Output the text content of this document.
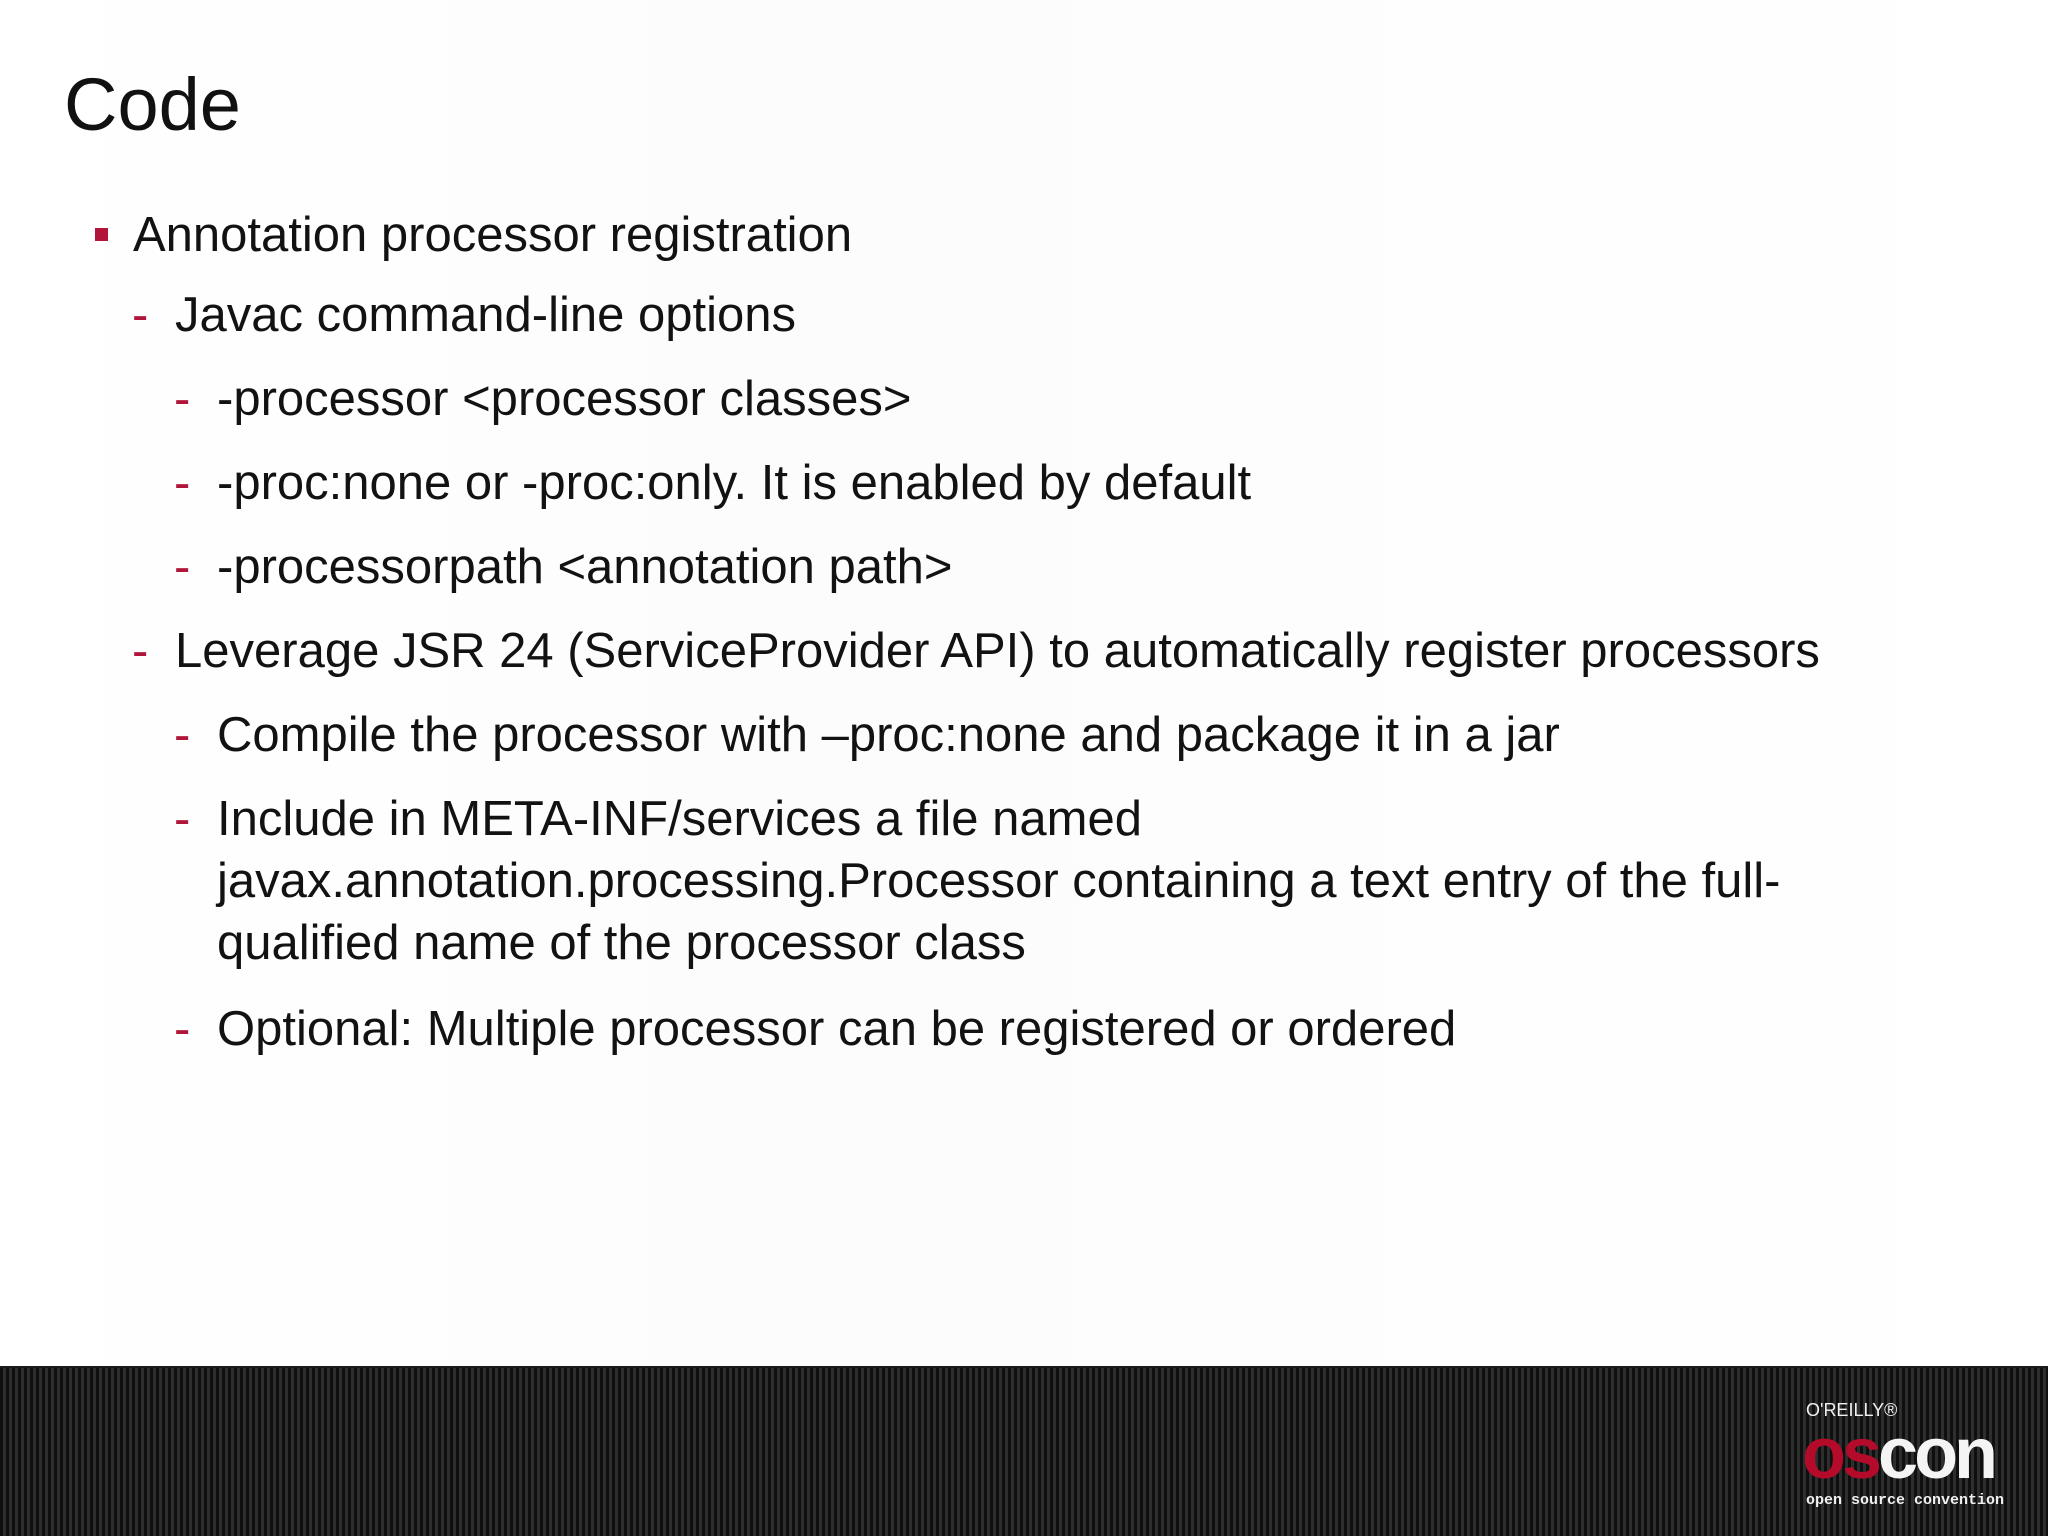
Code
Annotation processor registration
- Javac command-line options
- -processor <processor classes>
- -proc:none or -proc:only. It is enabled by default
- -processorpath <annotation path>
- Leverage JSR 24 (ServiceProvider API) to automatically register processors
- Compile the processor with –proc:none and package it in a jar
- Include in META-INF/services a file named javax.annotation.processing.Processor containing a text entry of the full-qualified name of the processor class
- Optional: Multiple processor can be registered or ordered
O'REILLY®
oscon
open source convention
